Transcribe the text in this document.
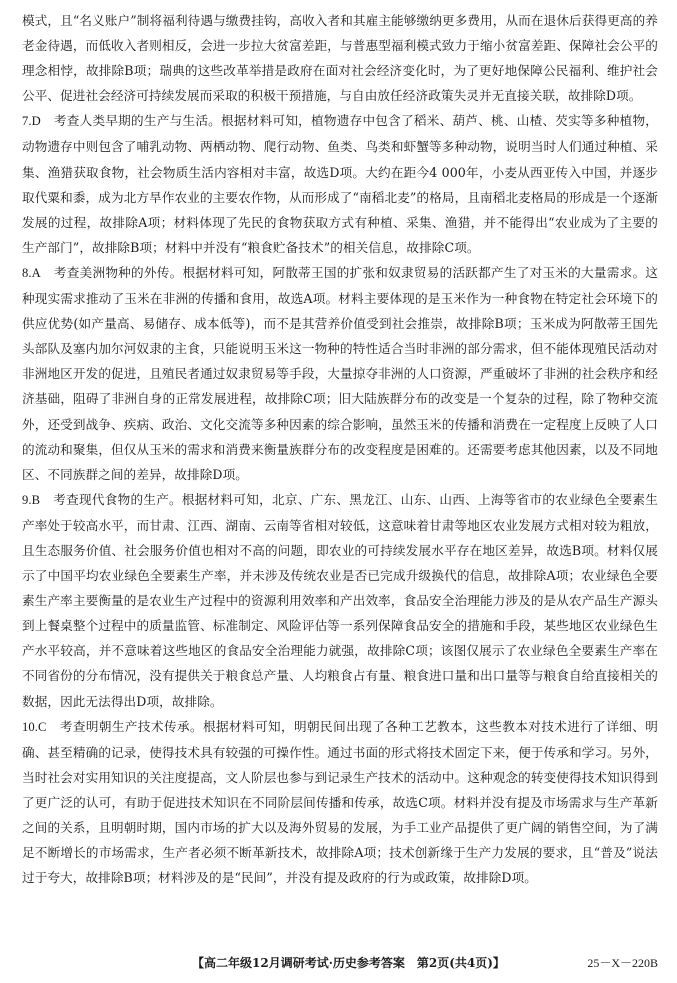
模式，且“名义账户”制将福利待遇与缴费挂钩，高收入者和其雇主能够缴纳更多费用，从而在退休后获得更高的养老金待遇，而低收入者则相反，会进一步拉大贫富差距，与普惠型福利模式致力于缩小贫富差距、保障社会公平的理念相悖，故排除B项；瑞典的这些改革举措是政府在面对社会经济变化时，为了更好地保障公民福利、维护社会公平、促进社会经济可持续发展而采取的积极干预措施，与自由放任经济政策失灵并无直接关联，故排除D项。

7.D　 考查人类早期的生产与生活。根据材料可知，植物遗存中包含了稻米、葫芦、桃、山楂、芡实等多种植物，动物遗存中则包含了哺乳动物、两栖动物、爬行动物、鱼类、鸟类和虾蟹等多种动物，说明当时人们通过种植、采集、渔猎获取食物，社会物质生活内容相对丰富，故选D项。大约在距今4 000年，小麦从西亚传入中国，并逐步取代粟和黍，成为北方旱作农业的主要农作物，从而形成了“南稻北麦”的格局，且南稻北麦格局的形成是一个逐渐发展的过程，故排除A项；材料体现了先民的食物获取方式有种植、采集、渔猎，并不能得出“农业成为了主要的生产部门”，故排除B项；材料中并没有“粮食贮备技术”的相关信息，故排除C项。

8.A　 考查美洲物种的外传。根据材料可知，阿散蒂王国的扩张和奴隶贸易的活跃都产生了对玉米的大量需求。这种现实需求推动了玉米在非洲的传播和食用，故选A项。材料主要体现的是玉米作为一种食物在特定社会环境下的供应优势(如产量高、易储存、成本低等)，而不是其营养价值受到社会推崇，故排除B项；玉米成为阿散蒂王国先头部队及塞内加尔河奴隶的主食，只能说明玉米这一物种的特性适合当时非洲的部分需求，但不能体现殖民活动对非洲地区开发的促进，且殖民者通过奴隶贸易等手段，大量掠夺非洲的人口资源，严重破坏了非洲的社会秩序和经济基础，阻碍了非洲自身的正常发展进程，故排除C项；旧大陆族群分布的改变是一个复杂的过程，除了物种交流外，还受到战争、疾病、政治、文化交流等多种因素的综合影响，虽然玉米的传播和消费在一定程度上反映了人口的流动和聚集，但仅从玉米的需求和消费来衡量族群分布的改变程度是困难的。还需要考虑其他因素，以及不同地区、不同族群之间的差异，故排除D项。

9.B　 考查现代食物的生产。根据材料可知，北京、广东、黑龙江、山东、山西、上海等省市的农业绿色全要素生产率处于较高水平，而甘肃、江西、湖南、云南等省相对较低，这意味着甘肃等地区农业发展方式相对较为粗放，且生态服务价值、社会服务价值也相对不高的问题，即农业的可持续发展水平存在地区差异，故选B项。材料仅展示了中国平均农业绿色全要素生产率，并未涉及传统农业是否已完成升级换代的信息，故排除A项；农业绿色全要素生产率主要衡量的是农业生产过程中的资源利用效率和产出效率，食品安全治理能力涉及的是从农产品生产源头到上餐桌整个过程中的质量监管、标准制定、风险评估等一系列保障食品安全的措施和手段，某些地区农业绿色生产水平较高，并不意味着这些地区的食品安全治理能力就强，故排除C项；该图仅展示了农业绿色全要素生产率在不同省份的分布情况，没有提供关于粮食总产量、人均粮食占有量、粮食进口量和出口量等与粮食自给直接相关的数据，因此无法得出D项，故排除。

10.C　 考查明朝生产技术传承。根据材料可知，明朝民间出现了各种工艺教本，这些教本对技术进行了详细、明确、甚至精确的记录，使得技术具有较强的可操作性。通过书面的形式将技术固定下来，便于传承和学习。另外，当时社会对实用知识的关注度提高，文人阶层也参与到记录生产技术的活动中。这种观念的转变使得技术知识得到了更广泛的认可，有助于促进技术知识在不同阶层间传播和传承，故选C项。材料并没有提及市场需求与生产革新之间的关系，且明朝时期，国内市场的扩大以及海外贸易的发展，为手工业产品提供了更广阔的销售空间，为了满足不断增长的市场需求，生产者必须不断革新技术，故排除A项；技术创新缘于生产力发展的要求，且“普及”说法过于夸大，故排除B项；材料涉及的是“民间”，并没有提及政府的行为或政策，故排除D项。

【高二年级12月调研考试·历史参考答案　第2页(共4页)】	25－X－220B
